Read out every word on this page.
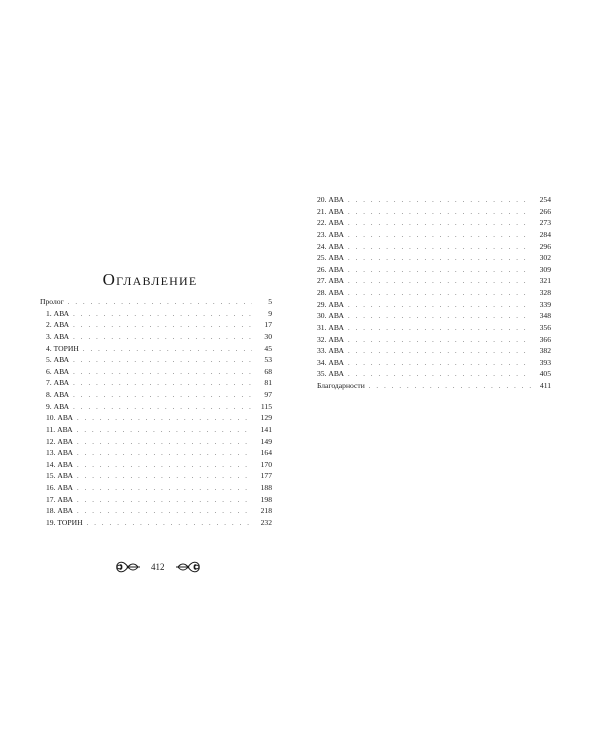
Оглавление
Пролог . . .	5
1. АВА . . .	9
2. АВА . . .	17
3. АВА . . .	30
4. ТОРИН . . .	45
5. АВА . . .	53
6. АВА . . .	68
7. АВА . . .	81
8. АВА . . .	97
9. АВА . . .	115
10. АВА . . .	129
11. АВА . . .	141
12. АВА . . .	149
13. АВА . . .	164
14. АВА . . .	170
15. АВА . . .	177
16. АВА . . .	188
17. АВА . . .	198
18. АВА . . .	218
19. ТОРИН . . .	232
412
20. АВА . . .	254
21. АВА . . .	266
22. АВА . . .	273
23. АВА . . .	284
24. АВА . . .	296
25. АВА . . .	302
26. АВА . . .	309
27. АВА . . .	321
28. АВА . . .	328
29. АВА . . .	339
30. АВА . . .	348
31. АВА . . .	356
32. АВА . . .	366
33. АВА . . .	382
34. АВА . . .	393
35. АВА . . .	405
Благодарности . . .	411
